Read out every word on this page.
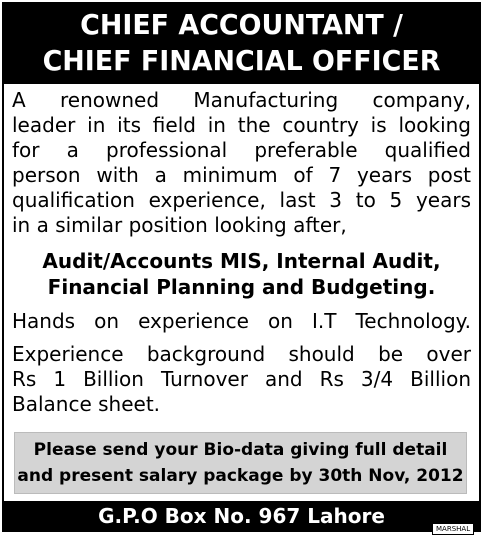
CHIEF ACCOUNTANT /
CHIEF FINANCIAL OFFICER
A renowned Manufacturing company,
leader in its field in the country is looking
for a professional preferable qualified
person with a minimum of 7 years post
qualification experience, last 3 to 5 years
in a similar position looking after,
Audit/Accounts MIS, Internal Audit,
Financial Planning and Budgeting.
Hands on experience on I.T Technology.
Experience background should be over
Rs 1 Billion Turnover and Rs 3/4 Billion
Balance sheet.
Please send your Bio-data giving full detail
and present salary package by 30th Nov, 2012
G.P.O Box No. 967 Lahore
MARSHAL
